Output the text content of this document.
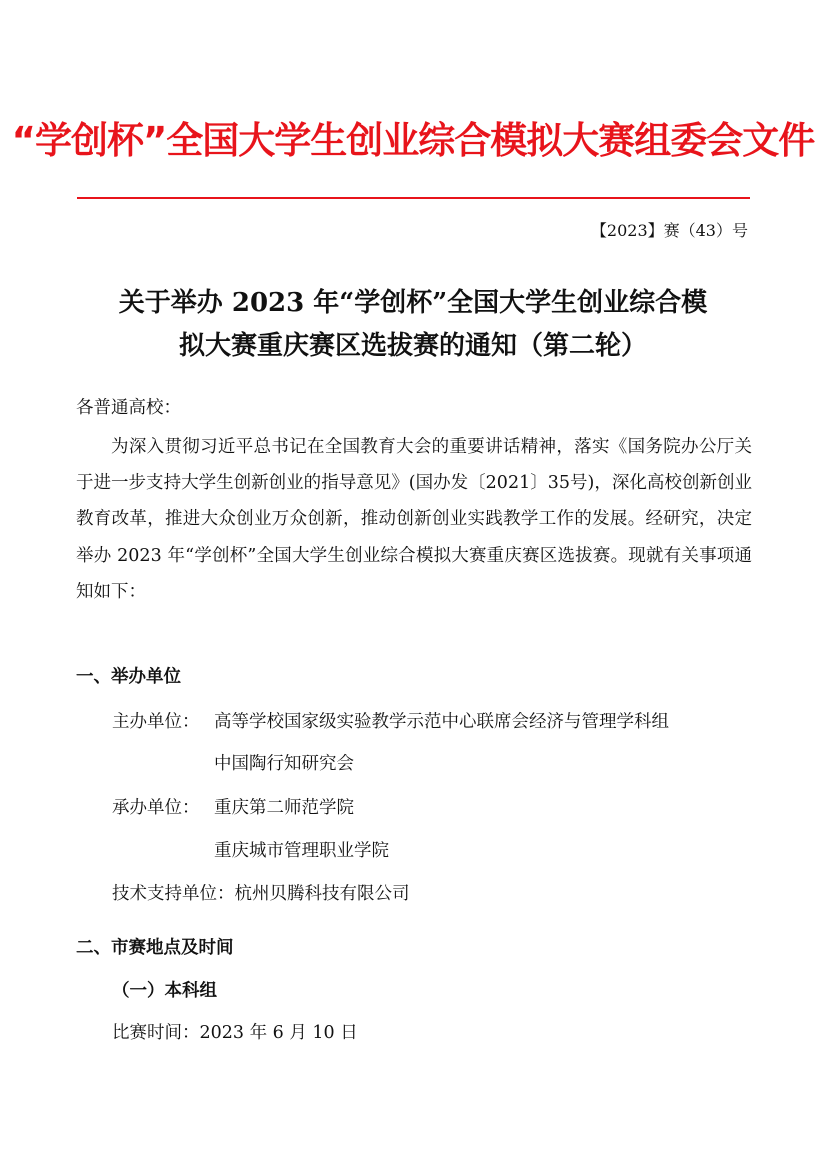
“学创杯”全国大学生创业综合模拟大赛组委会文件
【2023】赛（43）号
关于举办 2023 年“学创杯”全国大学生创业综合模
拟大赛重庆赛区选拔赛的通知（第二轮）
各普通高校：
为深入贯彻习近平总书记在全国教育大会的重要讲话精神，落实《国务院办公厅关于进一步支持大学生创新创业的指导意见》(国办发〔2021〕35号)，深化高校创新创业教育改革，推进大众创业万众创新，推动创新创业实践教学工作的发展。经研究，决定举办 2023 年“学创杯”全国大学生创业综合模拟大赛重庆赛区选拔赛。现就有关事项通知如下：
一、举办单位
主办单位： 高等学校国家级实验教学示范中心联席会经济与管理学科组
中国陶行知研究会
承办单位： 重庆第二师范学院
重庆城市管理职业学院
技术支持单位：杭州贝腾科技有限公司
二、市赛地点及时间
（一）本科组
比赛时间：2023 年 6 月 10 日
